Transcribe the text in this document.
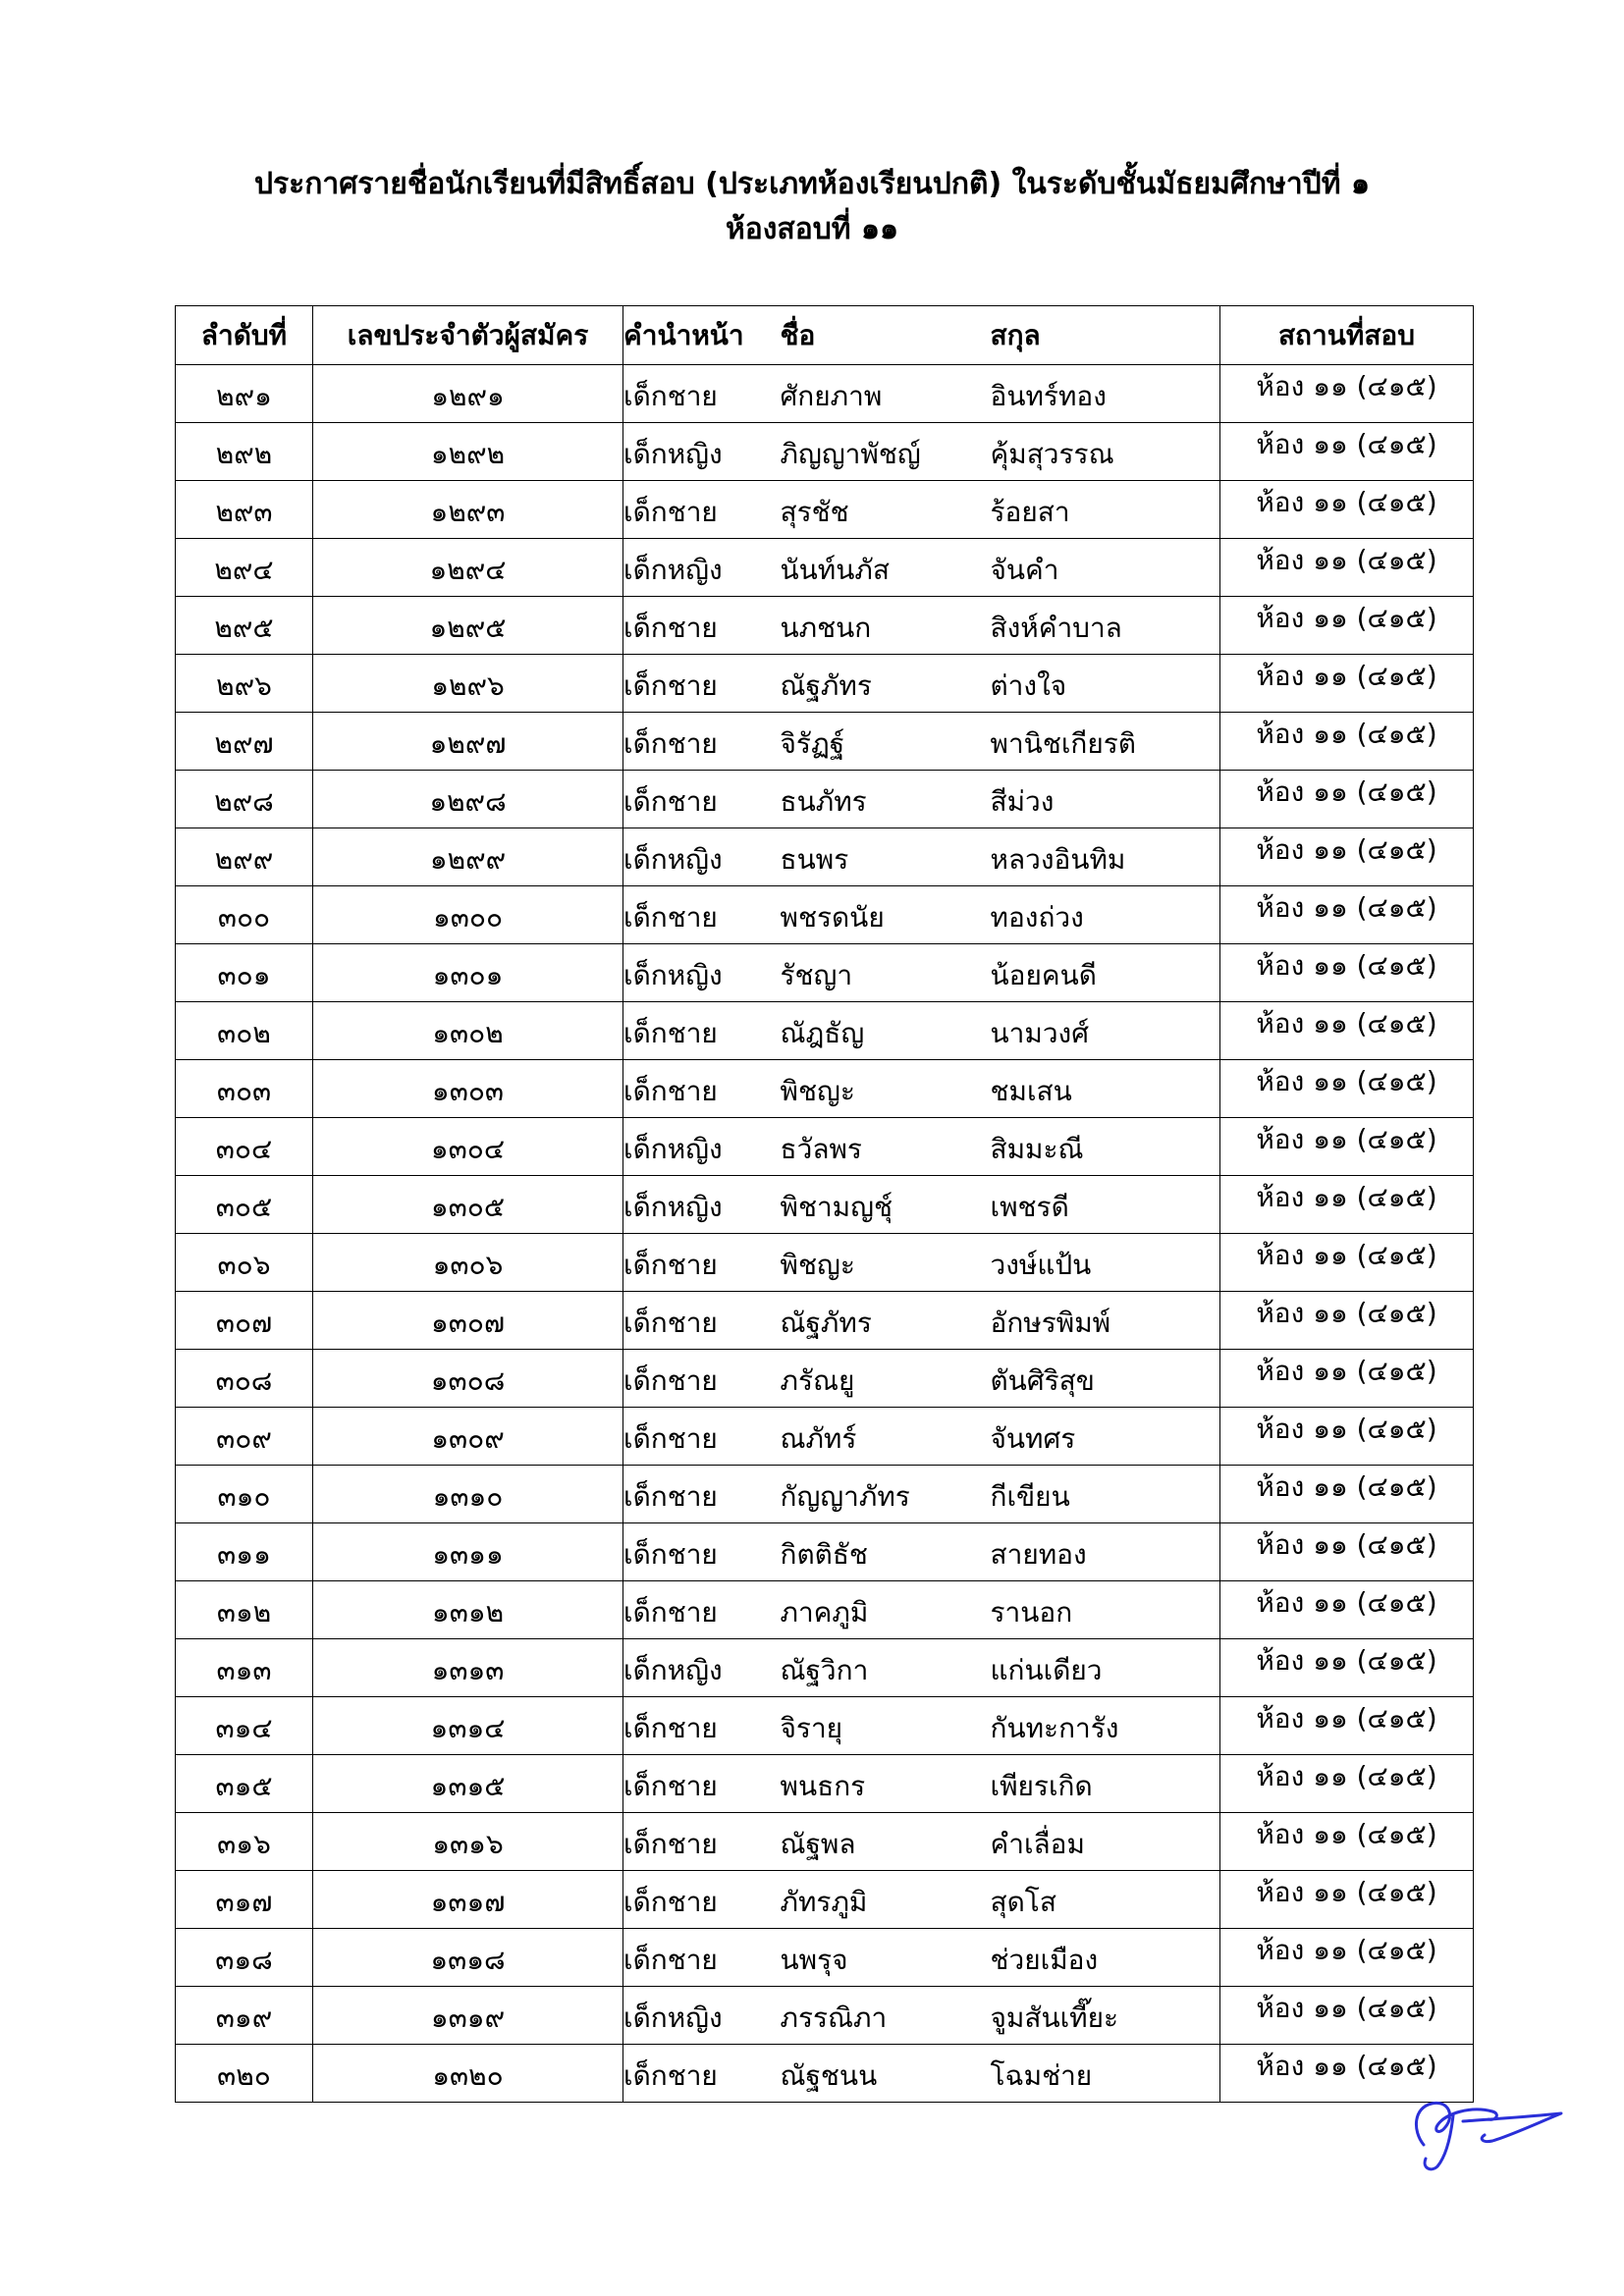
ประกาศรายชื่อนักเรียนที่มีสิทธิ์สอบ (ประเภทห้องเรียนปกติ) ในระดับชั้นมัธยมศึกษาปีที่ ๑
ห้องสอบที่ ๑๑
ลำดับที่	เลขประจำตัวผู้สมัคร	คำนำหน้า	ชื่อ	สกุล	สถานที่สอบ
๒๙๑	๑๒๙๑	เด็กชาย	ศักยภาพ	อินทร์ทอง	ห้อง ๑๑ (๔๑๕)
๒๙๒	๑๒๙๒	เด็กหญิง	ภิญญาพัชญ์	คุ้มสุวรรณ	ห้อง ๑๑ (๔๑๕)
๒๙๓	๑๒๙๓	เด็กชาย	สุรชัช	ร้อยสา	ห้อง ๑๑ (๔๑๕)
๒๙๔	๑๒๙๔	เด็กหญิง	นันท์นภัส	จันคำ	ห้อง ๑๑ (๔๑๕)
๒๙๕	๑๒๙๕	เด็กชาย	นภชนก	สิงห์คำบาล	ห้อง ๑๑ (๔๑๕)
๒๙๖	๑๒๙๖	เด็กชาย	ณัฐภัทร	ต่างใจ	ห้อง ๑๑ (๔๑๕)
๒๙๗	๑๒๙๗	เด็กชาย	จิรัฏฐ์	พานิชเกียรติ	ห้อง ๑๑ (๔๑๕)
๒๙๘	๑๒๙๘	เด็กชาย	ธนภัทร	สีม่วง	ห้อง ๑๑ (๔๑๕)
๒๙๙	๑๒๙๙	เด็กหญิง	ธนพร	หลวงอินทิม	ห้อง ๑๑ (๔๑๕)
๓๐๐	๑๓๐๐	เด็กชาย	พชรดนัย	ทองถ่วง	ห้อง ๑๑ (๔๑๕)
๓๐๑	๑๓๐๑	เด็กหญิง	รัชญา	น้อยคนดี	ห้อง ๑๑ (๔๑๕)
๓๐๒	๑๓๐๒	เด็กชาย	ณัฎธัญ	นามวงศ์	ห้อง ๑๑ (๔๑๕)
๓๐๓	๑๓๐๓	เด็กชาย	พิชญะ	ชมเสน	ห้อง ๑๑ (๔๑๕)
๓๐๔	๑๓๐๔	เด็กหญิง	ธวัลพร	สิมมะณี	ห้อง ๑๑ (๔๑๕)
๓๐๕	๑๓๐๕	เด็กหญิง	พิชามญชุ์	เพชรดี	ห้อง ๑๑ (๔๑๕)
๓๐๖	๑๓๐๖	เด็กชาย	พิชญะ	วงษ์แป้น	ห้อง ๑๑ (๔๑๕)
๓๐๗	๑๓๐๗	เด็กชาย	ณัฐภัทร	อักษรพิมพ์	ห้อง ๑๑ (๔๑๕)
๓๐๘	๑๓๐๘	เด็กชาย	ภรัณยู	ตันศิริสุข	ห้อง ๑๑ (๔๑๕)
๓๐๙	๑๓๐๙	เด็กชาย	ณภัทร์	จันทศร	ห้อง ๑๑ (๔๑๕)
๓๑๐	๑๓๑๐	เด็กชาย	กัญญาภัทร	กีเขียน	ห้อง ๑๑ (๔๑๕)
๓๑๑	๑๓๑๑	เด็กชาย	กิตติธัช	สายทอง	ห้อง ๑๑ (๔๑๕)
๓๑๒	๑๓๑๒	เด็กชาย	ภาคภูมิ	รานอก	ห้อง ๑๑ (๔๑๕)
๓๑๓	๑๓๑๓	เด็กหญิง	ณัฐวิกา	แก่นเดียว	ห้อง ๑๑ (๔๑๕)
๓๑๔	๑๓๑๔	เด็กชาย	จิรายุ	กันทะการัง	ห้อง ๑๑ (๔๑๕)
๓๑๕	๑๓๑๕	เด็กชาย	พนธกร	เพียรเกิด	ห้อง ๑๑ (๔๑๕)
๓๑๖	๑๓๑๖	เด็กชาย	ณัฐพล	คำเลื่อม	ห้อง ๑๑ (๔๑๕)
๓๑๗	๑๓๑๗	เด็กชาย	ภัทรภูมิ	สุดโส	ห้อง ๑๑ (๔๑๕)
๓๑๘	๑๓๑๘	เด็กชาย	นพรุจ	ช่วยเมือง	ห้อง ๑๑ (๔๑๕)
๓๑๙	๑๓๑๙	เด็กหญิง	ภรรณิภา	จูมสันเที๊ยะ	ห้อง ๑๑ (๔๑๕)
๓๒๐	๑๓๒๐	เด็กชาย	ณัฐชนน	โฉมช่าย	ห้อง ๑๑ (๔๑๕)
